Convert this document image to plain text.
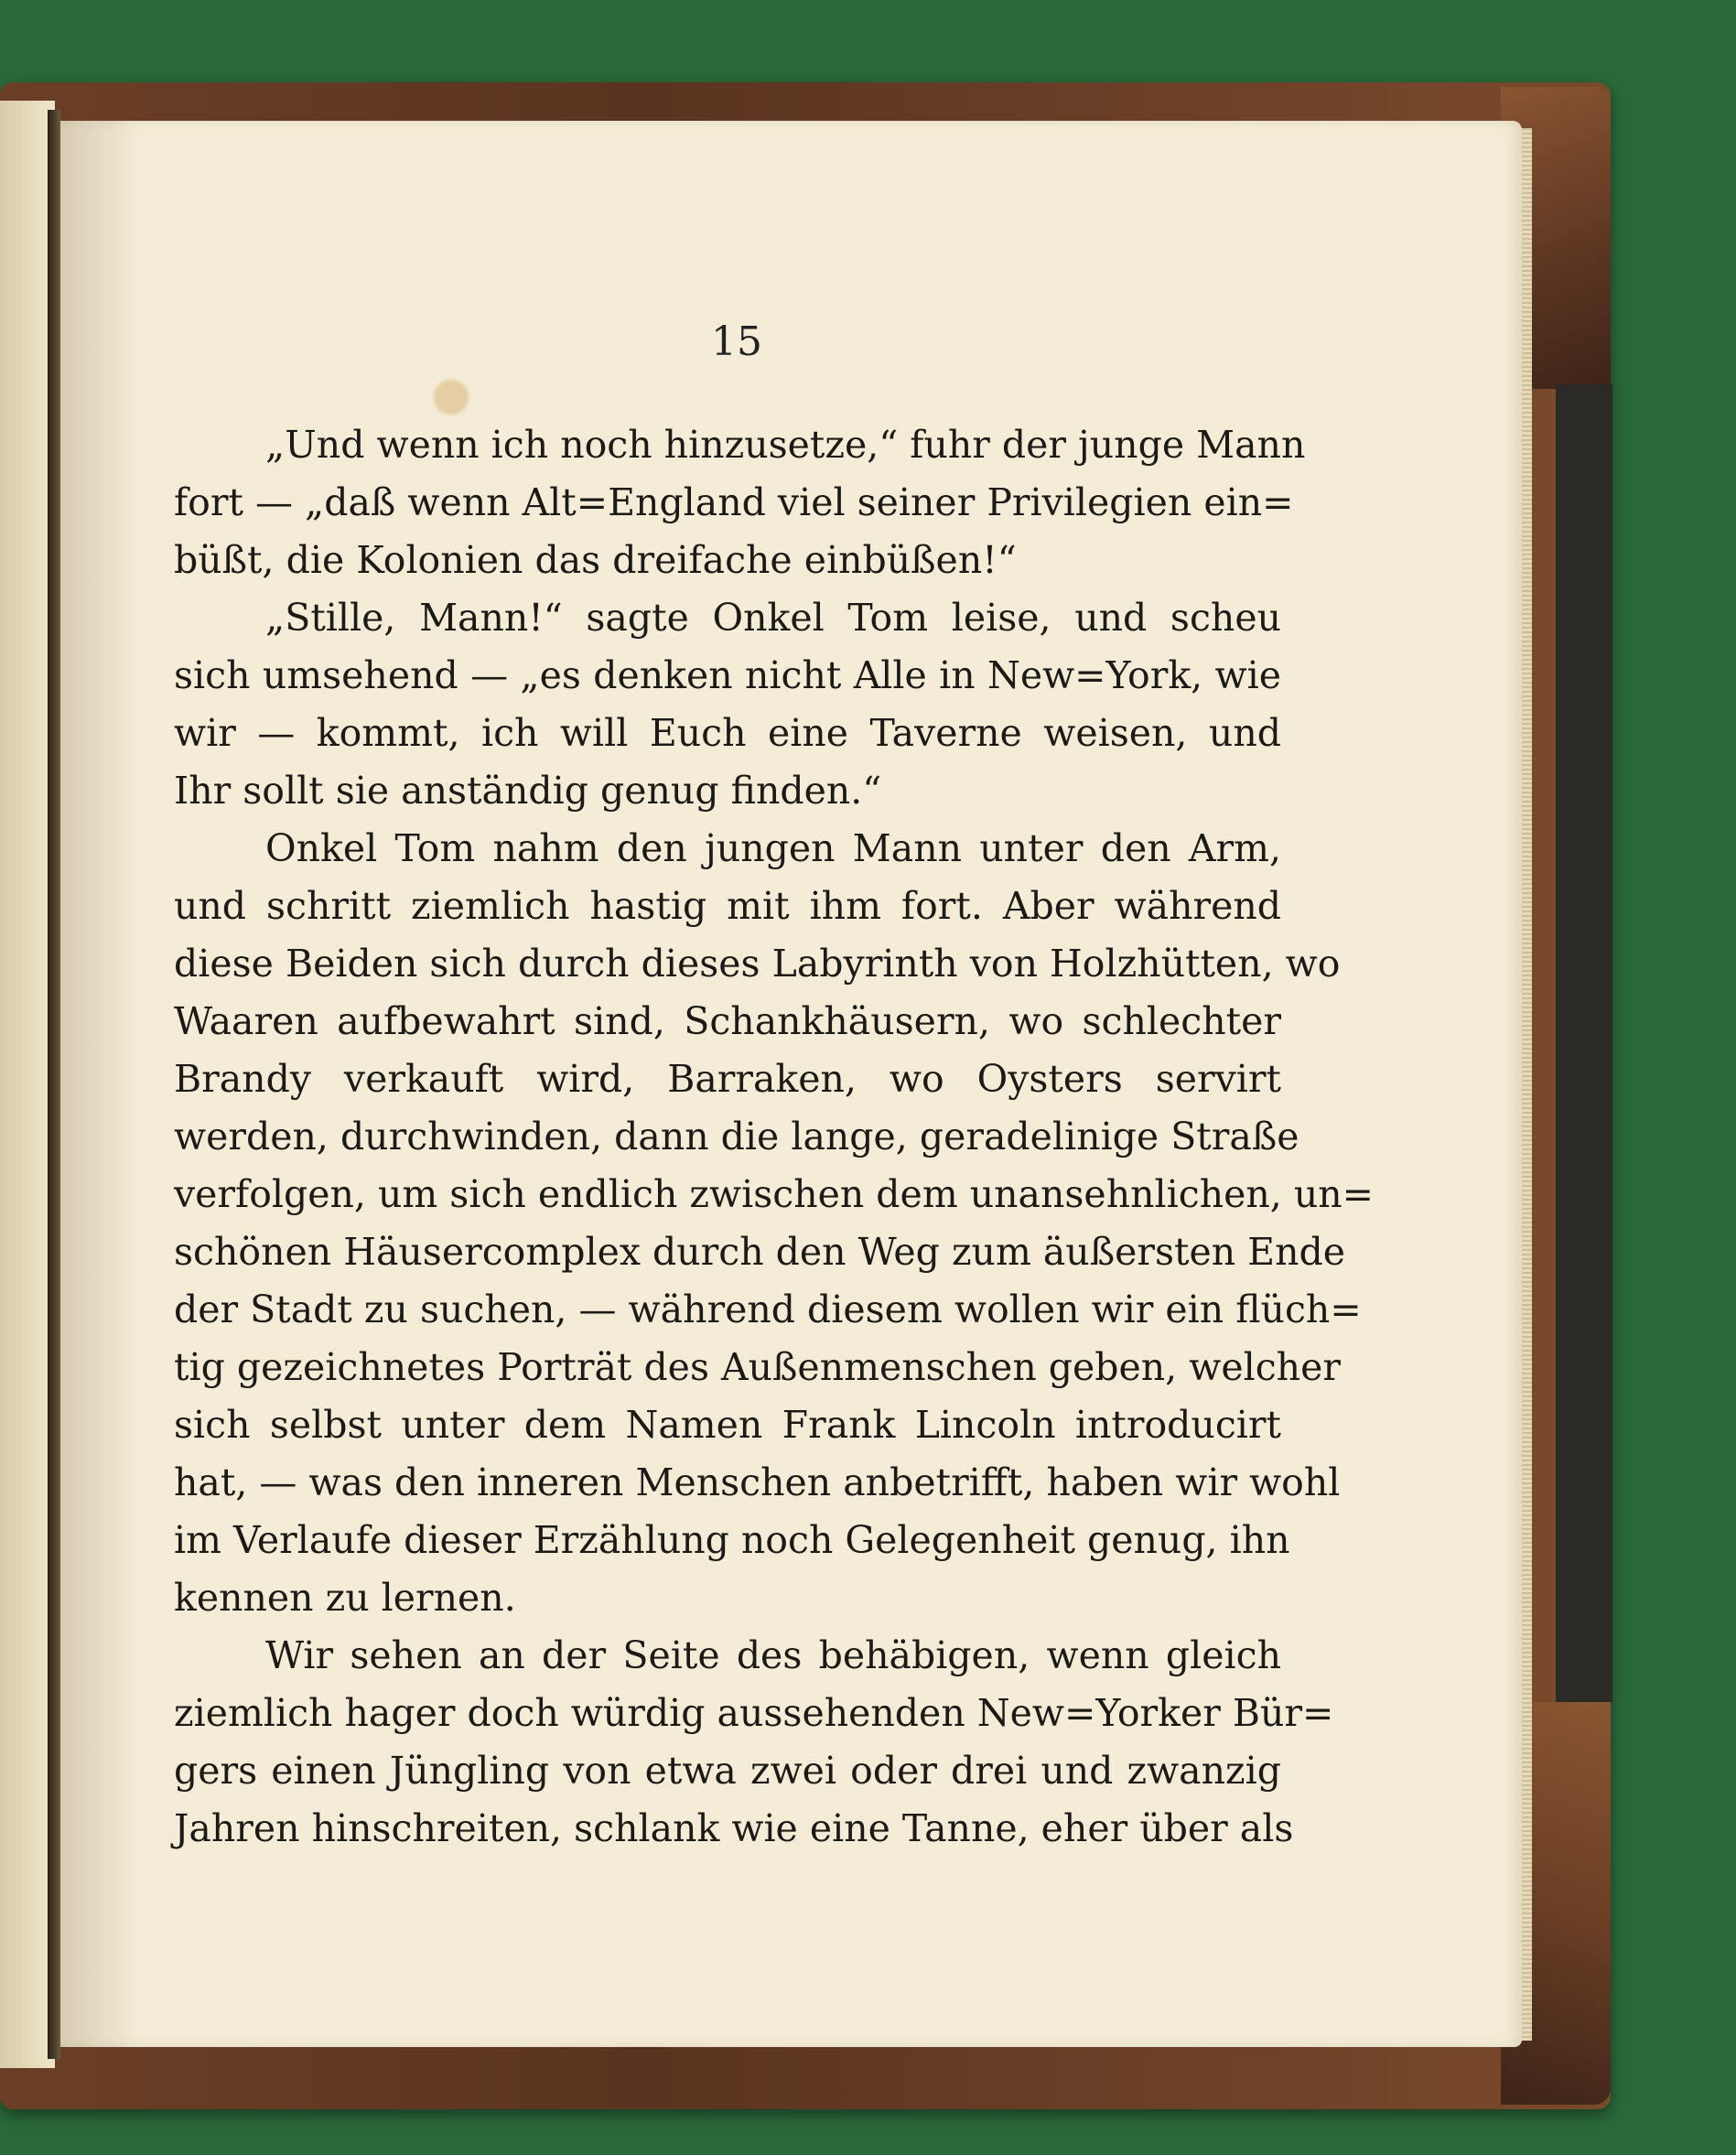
15
„Und wenn ich noch hinzusetze,“ fuhr der junge Mann
fort — „daß wenn Alt=England viel seiner Privilegien ein=
büßt, die Kolonien das dreifache einbüßen!“
„Stille, Mann!“ sagte Onkel Tom leise, und scheu
sich umsehend — „es denken nicht Alle in New=York, wie
wir — kommt, ich will Euch eine Taverne weisen, und
Ihr sollt sie anständig genug finden.“
Onkel Tom nahm den jungen Mann unter den Arm,
und schritt ziemlich hastig mit ihm fort. Aber während
diese Beiden sich durch dieses Labyrinth von Holzhütten, wo
Waaren aufbewahrt sind, Schankhäusern, wo schlechter
Brandy verkauft wird, Barraken, wo Oysters servirt
werden, durchwinden, dann die lange, geradelinige Straße
verfolgen, um sich endlich zwischen dem unansehnlichen, un=
schönen Häusercomplex durch den Weg zum äußersten Ende
der Stadt zu suchen, — während diesem wollen wir ein flüch=
tig gezeichnetes Porträt des Außenmenschen geben, welcher
sich selbst unter dem Namen Frank Lincoln introducirt
hat, — was den inneren Menschen anbetrifft, haben wir wohl
im Verlaufe dieser Erzählung noch Gelegenheit genug, ihn
kennen zu lernen.
Wir sehen an der Seite des behäbigen, wenn gleich
ziemlich hager doch würdig aussehenden New=Yorker Bür=
gers einen Jüngling von etwa zwei oder drei und zwanzig
Jahren hinschreiten, schlank wie eine Tanne, eher über als
